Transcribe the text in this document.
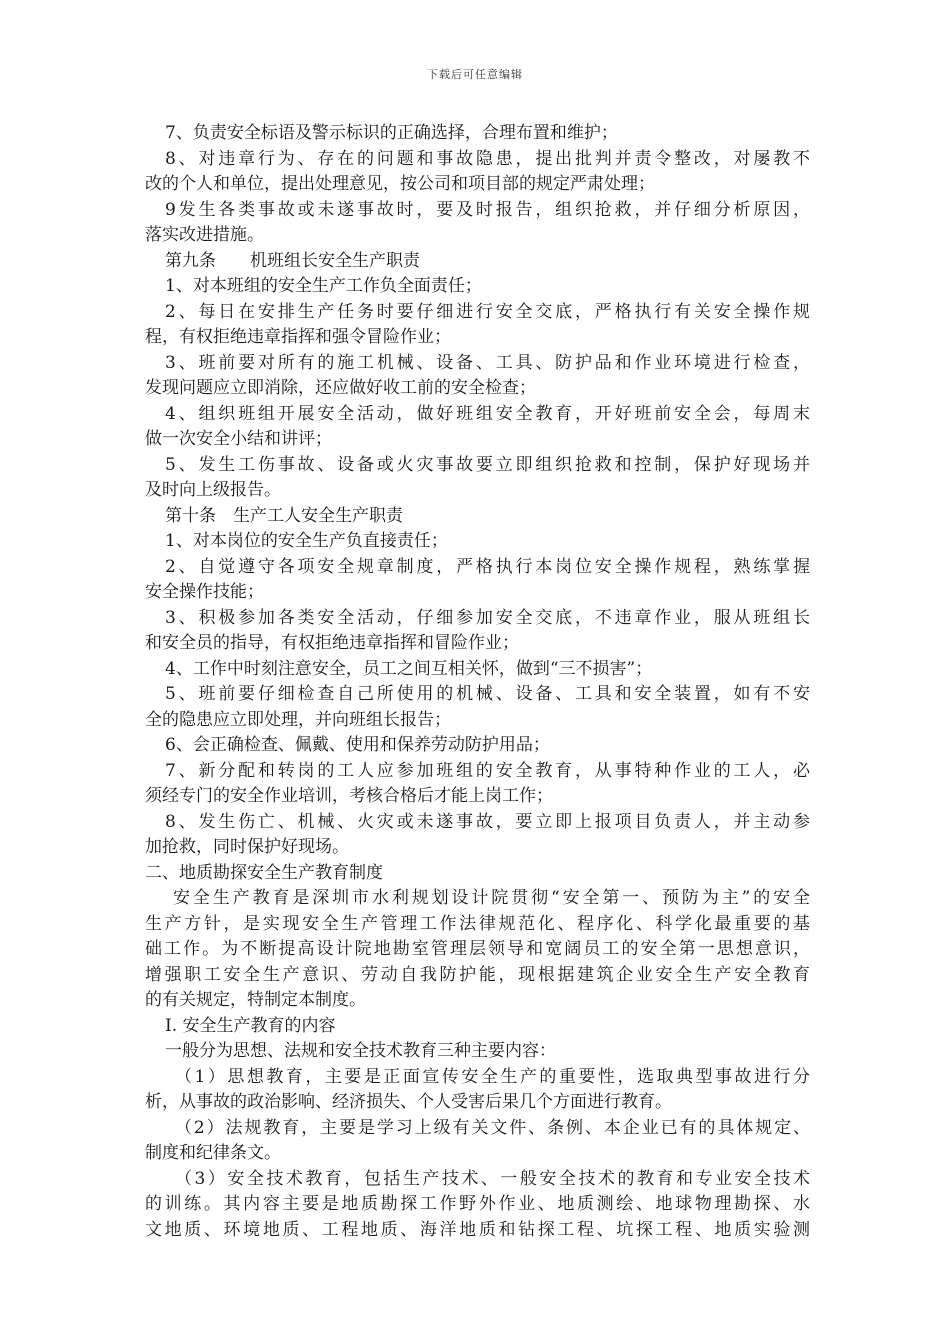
下载后可任意编辑
7、负责安全标语及警示标识的正确选择，合理布置和维护；
8、对违章行为、存在的问题和事故隐患，提出批判并责令整改，对屡教不
改的个人和单位，提出处理意见，按公司和项目部的规定严肃处理；
9发生各类事故或未遂事故时，要及时报告，组织抢救，并仔细分析原因，
落实改进措施。
第九条　　机班组长安全生产职责
1、对本班组的安全生产工作负全面责任；
2、每日在安排生产任务时要仔细进行安全交底，严格执行有关安全操作规
程，有权拒绝违章指挥和强令冒险作业；
3、班前要对所有的施工机械、设备、工具、防护品和作业环境进行检查，
发现问题应立即消除，还应做好收工前的安全检查；
4、组织班组开展安全活动，做好班组安全教育，开好班前安全会，每周末
做一次安全小结和讲评；
5、发生工伤事故、设备或火灾事故要立即组织抢救和控制，保护好现场并
及时向上级报告。
第十条　生产工人安全生产职责
1、对本岗位的安全生产负直接责任；
2、自觉遵守各项安全规章制度，严格执行本岗位安全操作规程，熟练掌握
安全操作技能；
3、积极参加各类安全活动，仔细参加安全交底，不违章作业，服从班组长
和安全员的指导，有权拒绝违章指挥和冒险作业；
4、工作中时刻注意安全，员工之间互相关怀，做到“三不损害”；
5、班前要仔细检查自己所使用的机械、设备、工具和安全装置，如有不安
全的隐患应立即处理，并向班组长报告；
6、会正确检查、佩戴、使用和保养劳动防护用品；
7、新分配和转岗的工人应参加班组的安全教育，从事特种作业的工人，必
须经专门的安全作业培训，考核合格后才能上岗工作；
8、发生伤亡、机械、火灾或未遂事故，要立即上报项目负责人，并主动参
加抢救，同时保护好现场。
二、地质勘探安全生产教育制度
安全生产教育是深圳市水利规划设计院贯彻“安全第一、预防为主”的安全
生产方针，是实现安全生产管理工作法律规范化、程序化、科学化最重要的基
础工作。为不断提高设计院地勘室管理层领导和宽阔员工的安全第一思想意识，
增强职工安全生产意识、劳动自我防护能，现根据建筑企业安全生产安全教育
的有关规定，特制定本制度。
I. 安全生产教育的内容
一般分为思想、法规和安全技术教育三种主要内容：
（1）思想教育，主要是正面宣传安全生产的重要性，选取典型事故进行分
析，从事故的政治影响、经济损失、个人受害后果几个方面进行教育。
（2）法规教育，主要是学习上级有关文件、条例、本企业已有的具体规定、
制度和纪律条文。
（3）安全技术教育，包括生产技术、一般安全技术的教育和专业安全技术
的训练。其内容主要是地质勘探工作野外作业、地质测绘、地球物理勘探、水
文地质、环境地质、工程地质、海洋地质和钻探工程、坑探工程、地质实验测
